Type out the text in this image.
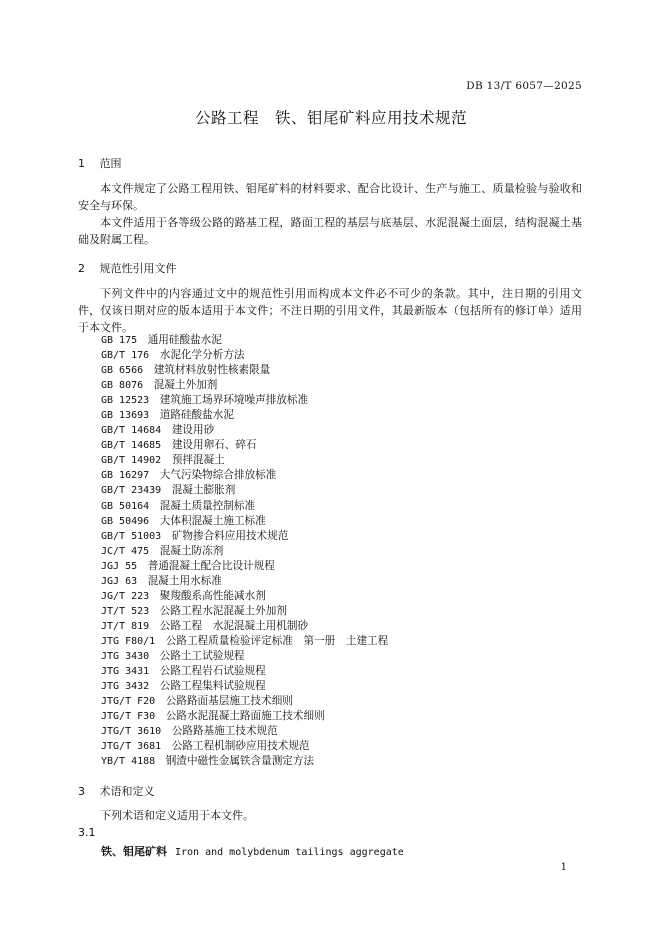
DB 13/T 6057—2025
公路工程　铁、钼尾矿料应用技术规范
1 范围

本文件规定了公路工程用铁、钼尾矿料的材料要求、配合比设计、生产与施工、质量检验与验收和安全与环保。

本文件适用于各等级公路的路基工程，路面工程的基层与底基层、水泥混凝土面层，结构混凝土基础及附属工程。

2 规范性引用文件

下列文件中的内容通过文中的规范性引用而构成本文件必不可少的条款。其中，注日期的引用文件，仅该日期对应的版本适用于本文件；不注日期的引用文件，其最新版本（包括所有的修订单）适用于本文件。

GB 175　 通用硅酸盐水泥
GB/T 176　 水泥化学分析方法
GB 6566　 建筑材料放射性核素限量
GB 8076　 混凝土外加剂
GB 12523　 建筑施工场界环境噪声排放标准
GB 13693　 道路硅酸盐水泥
GB/T 14684　 建设用砂
GB/T 14685　 建设用卵石、碎石
GB/T 14902　 预拌混凝土
GB 16297　 大气污染物综合排放标准
GB/T 23439　 混凝土膨胀剂
GB 50164　 混凝土质量控制标准
GB 50496　 大体积混凝土施工标准
GB/T 51003　 矿物掺合料应用技术规范
JC/T 475　 混凝土防冻剂
JGJ 55　 普通混凝土配合比设计规程
JGJ 63　 混凝土用水标准
JG/T 223　 聚羧酸系高性能减水剂
JT/T 523　 公路工程水泥混凝土外加剂
JT/T 819　 公路工程　水泥混凝土用机制砂
JTG F80/1　 公路工程质量检验评定标准　第一册　土建工程
JTG 3430　 公路土工试验规程
JTG 3431　 公路工程岩石试验规程
JTG 3432　 公路工程集料试验规程
JTG/T F20　 公路路面基层施工技术细则
JTG/T F30　 公路水泥混凝土路面施工技术细则
JTG/T 3610　 公路路基施工技术规范
JTG/T 3681　 公路工程机制砂应用技术规范
YB/T 4188　 钢渣中磁性金属铁含量测定方法
3 术语和定义

下列术语和定义适用于本文件。

3.1
铁、钼尾矿料 Iron and molybdenum tailings aggregate
1
